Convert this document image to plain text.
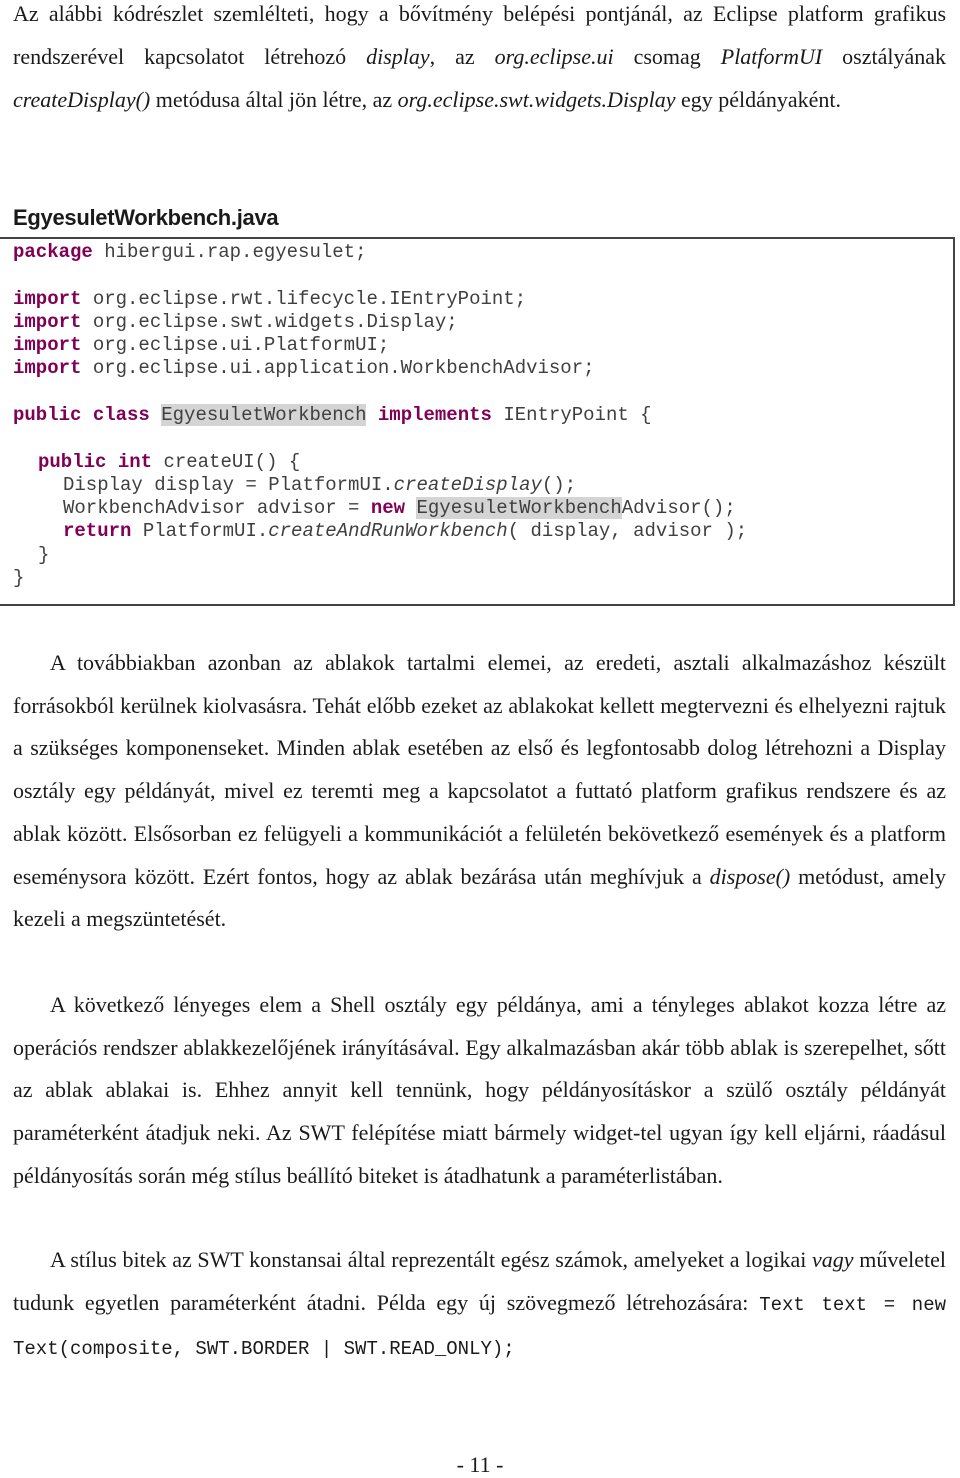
Az alábbi kódrészlet szemlélteti, hogy a bővítmény belépési pontjánál, az Eclipse platform grafikus rendszerével kapcsolatot létrehozó display, az org.eclipse.ui csomag PlatformUI osztályának createDisplay() metódusa által jön létre, az org.eclipse.swt.widgets.Display egy példányaként.

EgyesuletWorkbench.java
package hibergui.rap.egyesulet;
import org.eclipse.rwt.lifecycle.IEntryPoint;
import org.eclipse.swt.widgets.Display;
import org.eclipse.ui.PlatformUI;
import org.eclipse.ui.application.WorkbenchAdvisor;
public class EgyesuletWorkbench implements IEntryPoint {
public int createUI() {
Display display = PlatformUI.createDisplay();
WorkbenchAdvisor advisor = new EgyesuletWorkbenchAdvisor();
return PlatformUI.createAndRunWorkbench( display, advisor );
}
}

A továbbiakban azonban az ablakok tartalmi elemei, az eredeti, asztali alkalmazáshoz készült forrásokból kerülnek kiolvasásra. Tehát előbb ezeket az ablakokat kellett megtervezni és elhelyezni rajtuk a szükséges komponenseket. Minden ablak esetében az első és legfontosabb dolog létrehozni a Display osztály egy példányát, mivel ez teremti meg a kapcsolatot a futtató platform grafikus rendszere és az ablak között. Elsősorban ez felügyeli a kommunikációt a felületén bekövetkező események és a platform eseménysora között. Ezért fontos, hogy az ablak bezárása után meghívjuk a dispose() metódust, amely kezeli a megszüntetését.

A következő lényeges elem a Shell osztály egy példánya, ami a tényleges ablakot kozza létre az operációs rendszer ablakkezelőjének irányításával. Egy alkalmazásban akár több ablak is szerepelhet, sőtt az ablak ablakai is. Ehhez annyit kell tennünk, hogy példányosításkor a szülő osztály példányát paraméterként átadjuk neki. Az SWT felépítése miatt bármely widget-tel ugyan így kell eljárni, ráadásul példányosítás során még stílus beállító biteket is átadhatunk a paraméterlistában.

A stílus bitek az SWT konstansai által reprezentált egész számok, amelyeket a logikai vagy műveletel tudunk egyetlen paraméterként átadni. Példa egy új szövegmező létrehozására: Text text = new Text(composite, SWT.BORDER | SWT.READ_ONLY);

- 11 -
